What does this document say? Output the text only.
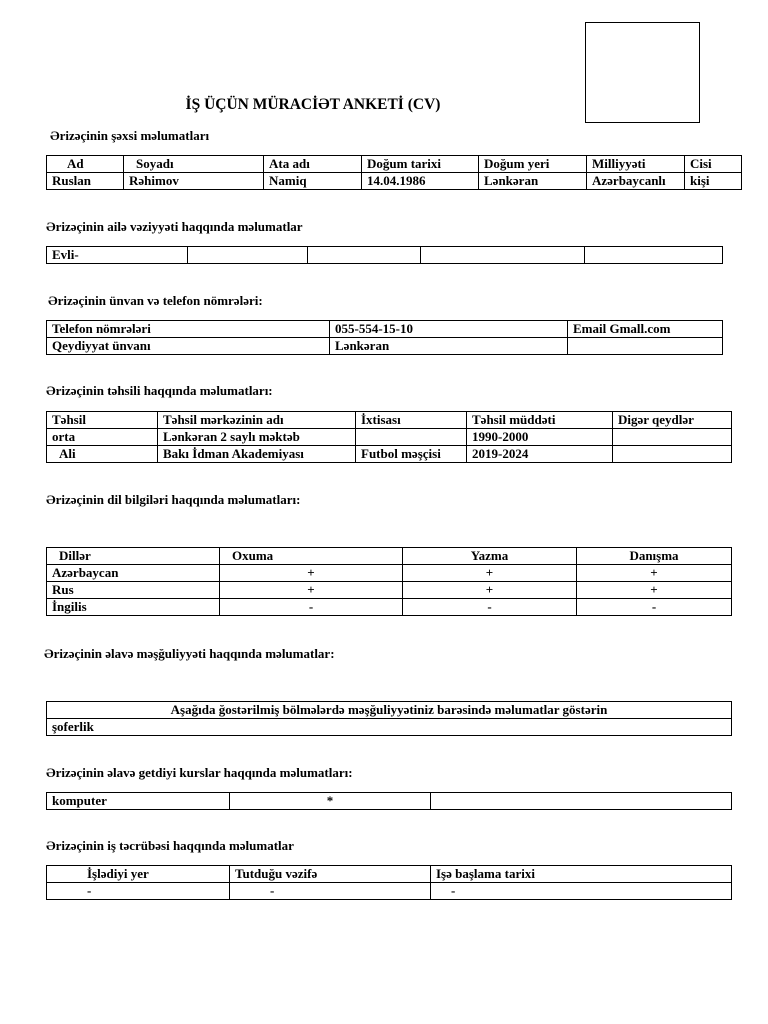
İŞ ÜÇÜN MÜRACİƏT ANKETİ (CV)
Ərizəçinin şəxsi məlumatları
Ad	Soyadı	Ata adı	Doğum tarixi	Doğum yeri	Milliyyəti	Cisi
Ruslan	Rəhimov	Namiq	14.04.1986	Lənkəran	Azərbaycanlı	kişi
Ərizəçinin ailə vəziyyəti haqqında məlumatlar
Evli-				
Ərizəçinin ünvan və telefon nömrələri:
Telefon nömrələri	055-554-15-10	Email Gmall.com
Qeydiyyat ünvanı	Lənkəran	
Ərizəçinin təhsili haqqında məlumatları:
Təhsil	Təhsil mərkəzinin adı	İxtisası	Təhsil müddəti	Digər qeydlər
orta	Lənkəran 2 saylı məktəb		1990-2000	
Ali	Bakı İdman Akademiyası	Futbol məşçisi	2019-2024	
Ərizəçinin dil bilgiləri haqqında məlumatları:
Dillər	Oxuma	Yazma	Danışma
Azərbaycan	+	+	+
Rus	+	+	+
İngilis	-	-	-
Ərizəçinin əlavə məşğuliyyəti haqqında məlumatlar:
Aşağıda ğostərilmiş bölmələrdə məşğuliyyətiniz barəsində məlumatlar göstərin
şoferlik
Ərizəçinin əlavə getdiyi kurslar haqqında məlumatları:
komputer	*	
Ərizəçinin iş təcrübəsi haqqında məlumatlar
İşlədiyi yer	Tutduğu vəzifə	Işə başlama tarixi
-	-	-
